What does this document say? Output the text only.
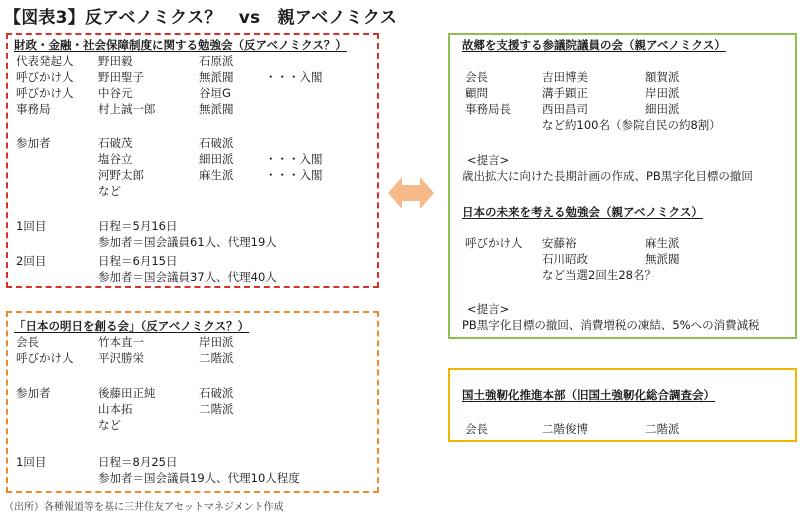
【図表3】反アベノミクス？　vs　親アベノミクス
財政・金融・社会保障制度に関する勉強会（反アベノミクス？）
代表発起人 野田毅	石原派
呼びかけ人 野田聖子	無派閥	・・・入閣
呼びかけ人 中谷元	谷垣G
事務局	村上誠一郎	無派閥
参加者	石破茂	石破派
塩谷立	細田派	・・・入閣
河野太郎	麻生派	・・・入閣
など
1回目	日程＝5月16日
参加者＝国会議員61人、代理19人
2回目	日程＝6月15日
参加者＝国会議員37人、代理40人
「日本の明日を創る会」（反アベノミクス？）
会長	竹本直一	岸田派
呼びかけ人 平沢勝栄	二階派
参加者	後藤田正純	石破派
山本拓	二階派
など
1回目	日程＝8月25日
参加者＝国会議員19人、代理10人程度
故郷を支援する参議院議員の会（親アベノミクス）
会長	吉田博美	額賀派
顧問	溝手顕正	岸田派
事務局長	西田昌司	細田派
など約100名（参院自民の約8割）
<提言>
歳出拡大に向けた長期計画の作成、PB黒字化目標の撤回
日本の未来を考える勉強会（親アベノミクス）
呼びかけ人 安藤裕	麻生派
石川昭政	無派閥
など当選2回生28名？
<提言>
PB黒字化目標の撤回、消費増税の凍結、5%への消費減税
国土強靭化推進本部（旧国土強靭化総合調査会）
会長	二階俊博	二階派
（出所）各種報道等を基に三井住友アセットマネジメント作成
